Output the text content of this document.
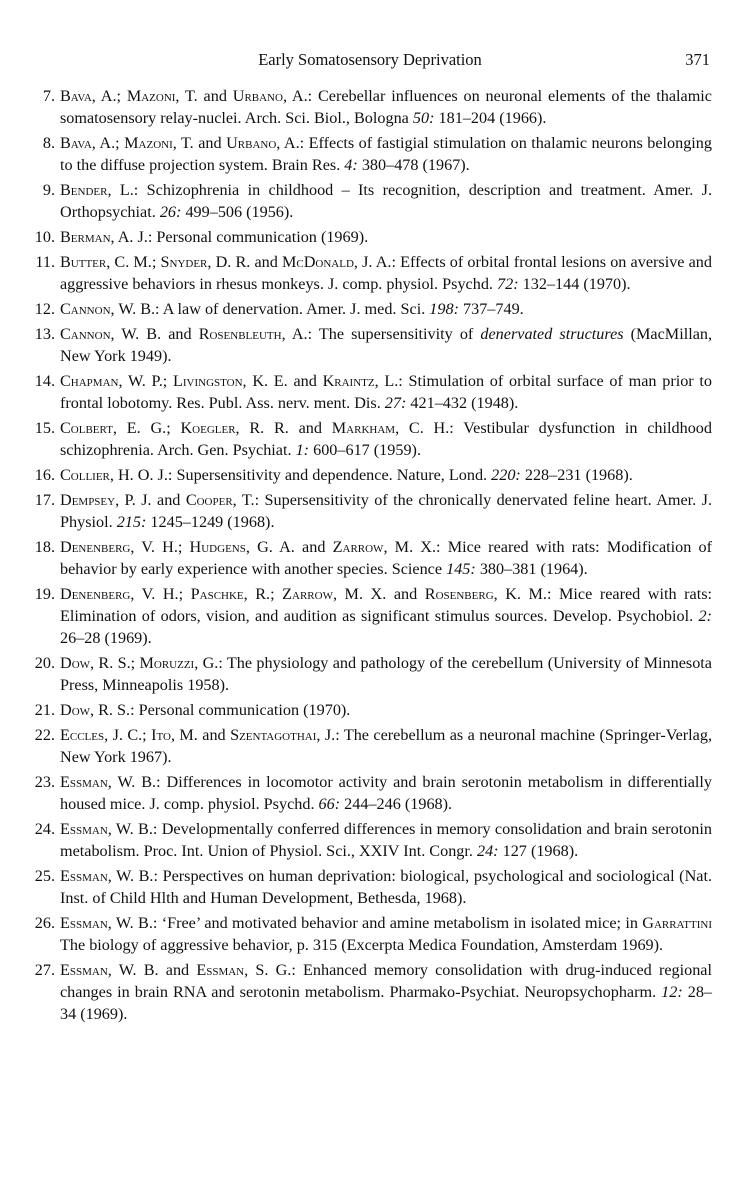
Early Somatosensory Deprivation	371
7. Bava, A.; Mazoni, T. and Urbano, A.: Cerebellar influences on neuronal elements of the thalamic somatosensory relay-nuclei. Arch. Sci. Biol., Bologna 50: 181–204 (1966).
8. Bava, A.; Mazoni, T. and Urbano, A.: Effects of fastigial stimulation on thalamic neurons belonging to the diffuse projection system. Brain Res. 4: 380–478 (1967).
9. Bender, L.: Schizophrenia in childhood – Its recognition, description and treatment. Amer. J. Orthopsychiat. 26: 499–506 (1956).
10. Berman, A. J.: Personal communication (1969).
11. Butter, C. M.; Snyder, D. R. and McDonald, J. A.: Effects of orbital frontal lesions on aversive and aggressive behaviors in rhesus monkeys. J. comp. physiol. Psychd. 72: 132–144 (1970).
12. Cannon, W. B.: A law of denervation. Amer. J. med. Sci. 198: 737–749.
13. Cannon, W. B. and Rosenbleuth, A.: The supersensitivity of denervated structures (MacMillan, New York 1949).
14. Chapman, W. P.; Livingston, K. E. and Kraintz, L.: Stimulation of orbital surface of man prior to frontal lobotomy. Res. Publ. Ass. nerv. ment. Dis. 27: 421–432 (1948).
15. Colbert, E. G.; Koegler, R. R. and Markham, C. H.: Vestibular dysfunction in childhood schizophrenia. Arch. Gen. Psychiat. 1: 600–617 (1959).
16. Collier, H. O. J.: Supersensitivity and dependence. Nature, Lond. 220: 228–231 (1968).
17. Dempsey, P. J. and Cooper, T.: Supersensitivity of the chronically denervated feline heart. Amer. J. Physiol. 215: 1245–1249 (1968).
18. Denenberg, V. H.; Hudgens, G. A. and Zarrow, M. X.: Mice reared with rats: Modification of behavior by early experience with another species. Science 145: 380–381 (1964).
19. Denenberg, V. H.; Paschke, R.; Zarrow, M. X. and Rosenberg, K. M.: Mice reared with rats: Elimination of odors, vision, and audition as significant stimulus sources. Develop. Psychobiol. 2: 26–28 (1969).
20. Dow, R. S.; Moruzzi, G.: The physiology and pathology of the cerebellum (University of Minnesota Press, Minneapolis 1958).
21. Dow, R. S.: Personal communication (1970).
22. Eccles, J. C.; Ito, M. and Szentagothai, J.: The cerebellum as a neuronal machine (Springer-Verlag, New York 1967).
23. Essman, W. B.: Differences in locomotor activity and brain serotonin metabolism in differentially housed mice. J. comp. physiol. Psychd. 66: 244–246 (1968).
24. Essman, W. B.: Developmentally conferred differences in memory consolidation and brain serotonin metabolism. Proc. Int. Union of Physiol. Sci., XXIV Int. Congr. 24: 127 (1968).
25. Essman, W. B.: Perspectives on human deprivation: biological, psychological and sociological (Nat. Inst. of Child Hlth and Human Development, Bethesda, 1968).
26. Essman, W. B.: ‘Free’ and motivated behavior and amine metabolism in isolated mice; in Garrattini The biology of aggressive behavior, p. 315 (Excerpta Medica Foundation, Amsterdam 1969).
27. Essman, W. B. and Essman, S. G.: Enhanced memory consolidation with drug-induced regional changes in brain RNA and serotonin metabolism. Pharmako-Psychiat. Neuropsychopharm. 12: 28–34 (1969).
